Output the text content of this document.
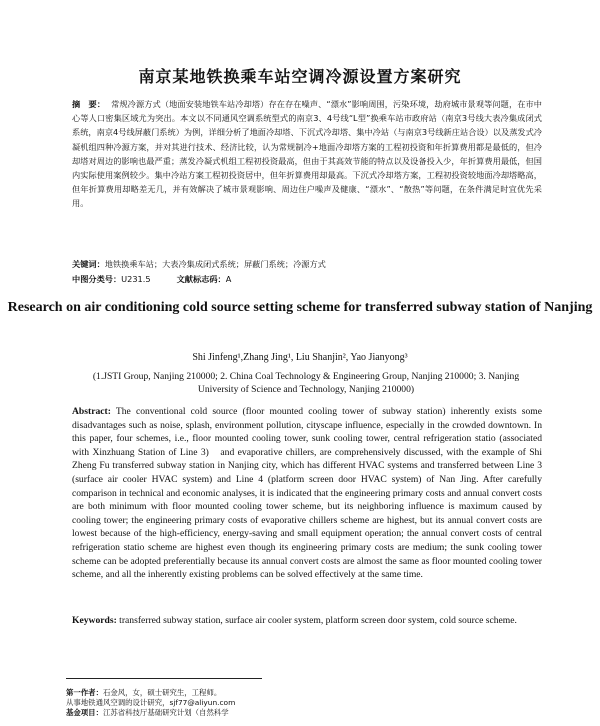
南京某地铁换乘车站空调冷源设置方案研究
摘　要： 常规冷源方式（地面安装地铁车站冷却塔）存在存在噪声、“漂水”影响周围，污染环境，劫府城市景观等问题，在市中心等人口密集区域尤为突出。本文以不同通风空调系统型式的南京3、4号线“L型”换乘车站市政府站（南京3号线大表冷集成闭式系统，南京4号线屏蔽门系统）为例，详细分析了地面冷却塔、下沉式冷却塔、集中冷站（与南京3号线新庄站合设）以及蒸发式冷凝机组四种冷源方案，并对其进行技术、经济比较，认为常规制冷+地面冷却塔方案的工程初投资和年折算费用都是最低的，但冷却塔对周边的影响也最严重；蒸发冷凝式机组工程初投资最高，但由于其高效节能的特点以及设备投入少，年折算费用最低，但国内实际使用案例较少。集中冷站方案工程初投资居中，但年折算费用却最高。下沉式冷却塔方案，工程初投资较地面冷却塔略高，但年折算费用却略差无几，并有效解决了城市景观影响、周边住户噪声及健康、“漂水”、“散热”等问题，在条件满足时宜优先采用。
关键词：地铁换乘车站；大表冷集成闭式系统；屏蔽门系统；冷源方式
中图分类号：U231.5	文献标志码：A
Research on air conditioning cold source setting scheme for transferred subway station of Nanjing
Shi Jinfeng¹,Zhang Jing¹, Liu Shanjin², Yao Jianyong³
(1.JSTI Group, Nanjing 210000; 2. China Coal Technology & Engineering Group, Nanjing 210000; 3. Nanjing University of Science and Technology, Nanjing 210000)
Abstract: The conventional cold source (floor mounted cooling tower of subway station) inherently exists some disadvantages such as noise, splash, environment pollution, cityscape influence, especially in the crowded downtown. In this paper, four schemes, i.e., floor mounted cooling tower, sunk cooling tower, central refrigeration statio (associated with Xinzhuang Station of Line 3)　and evaporative chillers, are comprehensively discussed, with the example of Shi Zheng Fu transferred subway station in Nanjing city, which has different HVAC systems and transferred between Line 3 (surface air cooler HVAC system) and Line 4 (platform screen door HVAC system) of Nan Jing. After carefully comparison in technical and economic analyses, it is indicated that the engineering primary costs and annual convert costs are both minimum with floor mounted cooling tower scheme, but its neighboring influence is maximum caused by cooling tower; the engineering primary costs of evaporative chillers scheme are highest, but its annual convert costs are lowest because of the high-efficiency, energy-saving and small equipment operation; the annual convert costs of central refrigeration statio scheme are highest even though its engineering primary costs are medium; the sunk cooling tower scheme can be adopted preferentially because its annual convert costs are almost the same as floor mounted cooling tower scheme, and all the inherently existing problems can be solved effectively at the same time.
Keywords: transferred subway station, surface air cooler system, platform screen door system, cold source scheme.
第一作者：石金风，女，硕士研究生，工程师。
从事地铁通风空调的设计研究，sjf77@aliyun.com
基金项目：江苏省科技厅基础研究计划（自然科学
